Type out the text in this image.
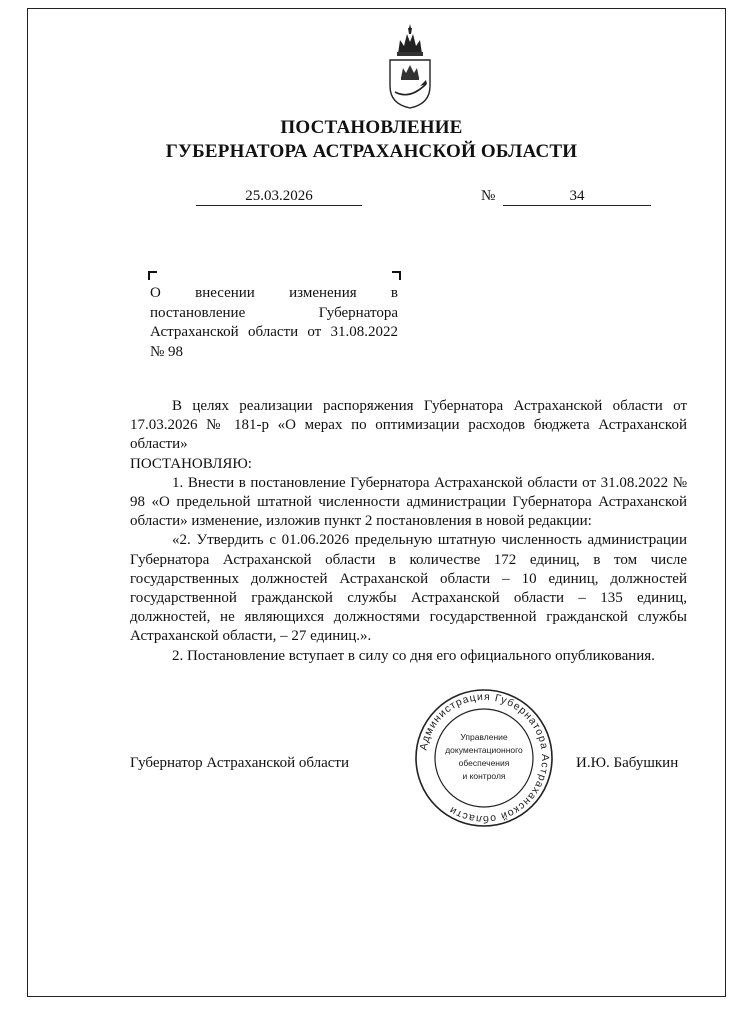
ПОСТАНОВЛЕНИЕ
ГУБЕРНАТОРА АСТРАХАНСКОЙ ОБЛАСТИ
25.03.2026	№	34
О внесении изменения в постановление Губернатора Астраханской области от 31.08.2022 № 98

В целях реализации распоряжения Губернатора Астраханской области от 17.03.2026 № 181-р «О мерах по оптимизации расходов бюджета Астраханской области»

ПОСТАНОВЛЯЮ:

1. Внести в постановление Губернатора Астраханской области от 31.08.2022 № 98 «О предельной штатной численности администрации Губернатора Астраханской области» изменение, изложив пункт 2 постановления в новой редакции:

«2. Утвердить с 01.06.2026 предельную штатную численность администрации Губернатора Астраханской области в количестве 172 единиц, в том числе государственных должностей Астраханской области – 10 единиц, должностей государственной гражданской службы Астраханской области – 135 единиц, должностей, не являющихся должностями государственной гражданской службы Астраханской области, – 27 единиц.».

2. Постановление вступает в силу со дня его официального опубликования.

Губернатор Астраханской области	И.Ю. Бабушкин
Администрация Губернатора Астраханской области
Управление
документационного
обеспечения
и контроля
